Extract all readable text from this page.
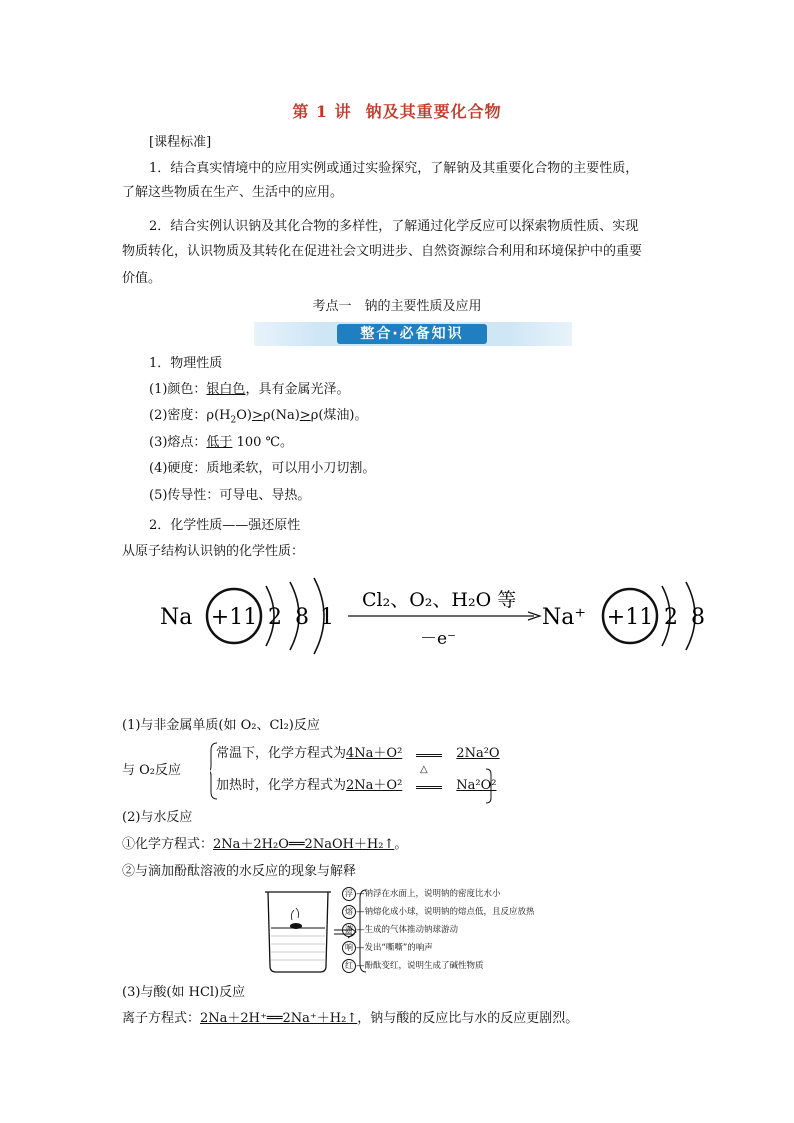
第 1 讲 钠及其重要化合物
[课程标准]
1．结合真实情境中的应用实例或通过实验探究，了解钠及其重要化合物的主要性质，
了解这些物质在生产、生活中的应用。
2．结合实例认识钠及其化合物的多样性，了解通过化学反应可以探索物质性质、实现
物质转化，认识物质及其转化在促进社会文明进步、自然资源综合利用和环境保护中的重要
价值。
考点一　钠的主要性质及应用
整合·必备知识
1．物理性质
(1)颜色：银白色，具有金属光泽。
(2)密度：$\rho(H_2O)>\rho(Na)>\rho$(煤油)。
(3)熔点：低于 100 ℃。
(4)硬度：质地柔软，可以用小刀切割。
(5)传导性：可导电、导热。
2．化学性质——强还原性
从原子结构认识钠的化学性质：
Na +11 2 8 1
Cl₂、O₂、H₂O 等
－e⁻
Na⁺ +11 2 8
(1)与非金属单质(如 O₂、Cl₂)反应
与 O₂反应
常温下，化学方程式为4Na＋O²	2Na²O
△
加热时，化学方程式为2Na＋O²	Na²O²
(2)与水反应
①化学方程式：2Na＋2H₂O══2NaOH＋H₂↑。
②与滴加酚酞溶液的水反应的现象与解释
浮 —钠浮在水面上，说明钠的密度比水小
熔 —钠熔化成小球，说明钠的熔点低，且反应放热
游 —生成的气体推动钠球游动
响 —发出“嘶嘶”的响声
红 —酚酞变红，说明生成了碱性物质
(3)与酸(如 HCl)反应
离子方程式：2Na＋2H⁺══2Na⁺＋H₂↑，钠与酸的反应比与水的反应更剧烈。
